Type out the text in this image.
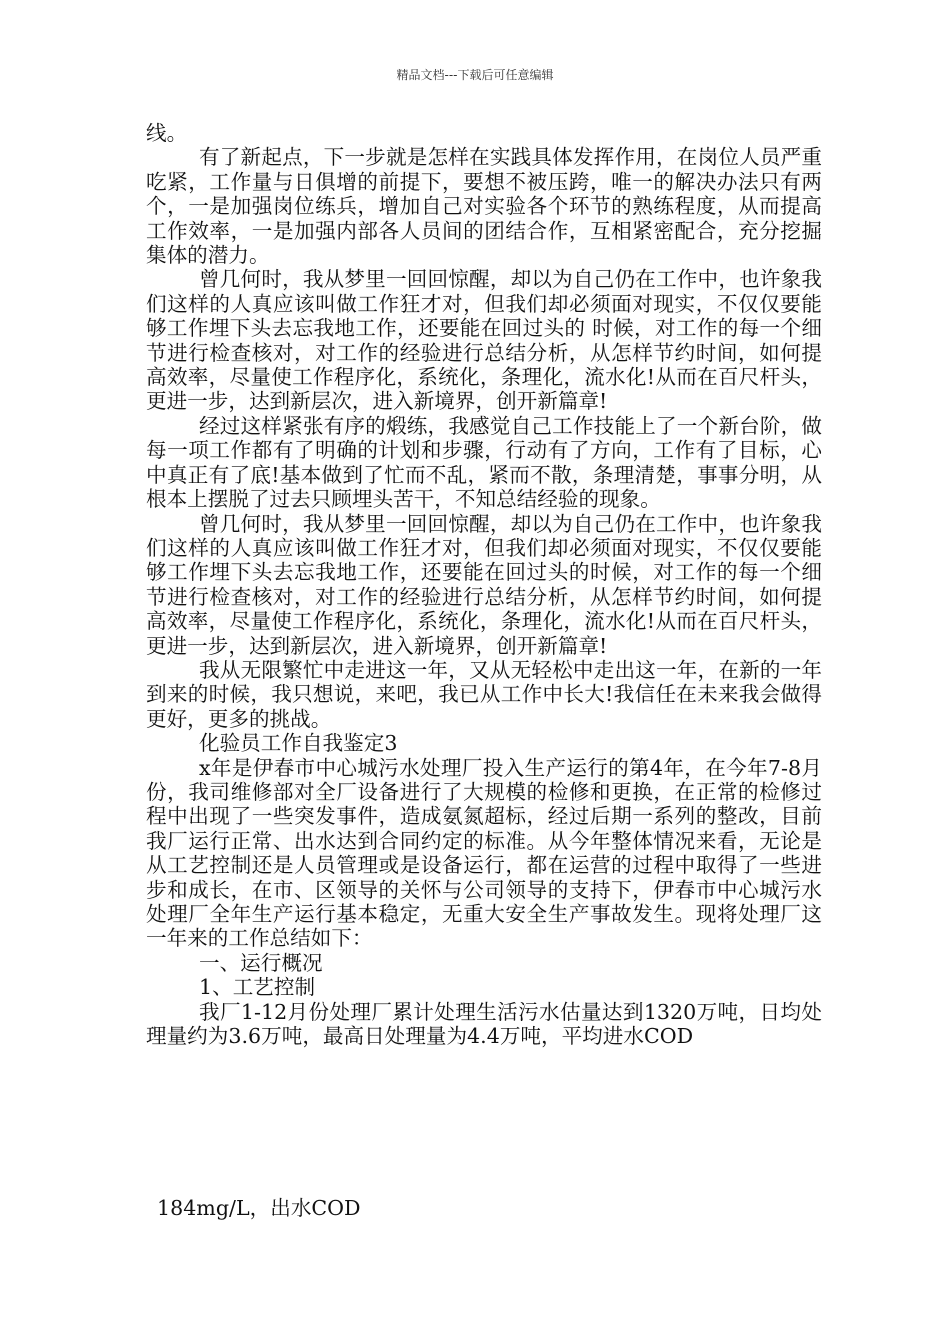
精品文档---下载后可任意编辑

线。

有了新起点，下一步就是怎样在实践具体发挥作用，在岗位人员严重吃紧，工作量与日俱增的前提下，要想不被压跨，唯一的解决办法只有两个，一是加强岗位练兵，增加自己对实验各个环节的熟练程度，从而提高工作效率，一是加强内部各人员间的团结合作，互相紧密配合，充分挖掘集体的潜力。

曾几何时，我从梦里一回回惊醒，却以为自己仍在工作中，也许象我们这样的人真应该叫做工作狂才对，但我们却必须面对现实，不仅仅要能够工作埋下头去忘我地工作，还要能在回过头的 时候，对工作的每一个细节进行检查核对，对工作的经验进行总结分析，从怎样节约时间，如何提高效率，尽量使工作程序化，系统化，条理化，流水化!从而在百尺杆头，更进一步，达到新层次，进入新境界，创开新篇章!

经过这样紧张有序的煅练，我感觉自己工作技能上了一个新台阶，做每一项工作都有了明确的计划和步骤，行动有了方向，工作有了目标，心中真正有了底!基本做到了忙而不乱，紧而不散，条理清楚，事事分明，从根本上摆脱了过去只顾埋头苦干，不知总结经验的现象。

曾几何时，我从梦里一回回惊醒，却以为自己仍在工作中，也许象我们这样的人真应该叫做工作狂才对，但我们却必须面对现实，不仅仅要能够工作埋下头去忘我地工作，还要能在回过头的时候，对工作的每一个细节进行检查核对，对工作的经验进行总结分析，从怎样节约时间，如何提高效率，尽量使工作程序化，系统化，条理化，流水化!从而在百尺杆头，更进一步，达到新层次，进入新境界，创开新篇章!

我从无限繁忙中走进这一年，又从无轻松中走出这一年，在新的一年到来的时候，我只想说，来吧，我已从工作中长大!我信任在未来我会做得更好，更多的挑战。

化验员工作自我鉴定3

x年是伊春市中心城污水处理厂投入生产运行的第4年，在今年7-8月份，我司维修部对全厂设备进行了大规模的检修和更换，在正常的检修过程中出现了一些突发事件，造成氨氮超标，经过后期一系列的整改，目前我厂运行正常、出水达到合同约定的标准。从今年整体情况来看，无论是从工艺控制还是人员管理或是设备运行，都在运营的过程中取得了一些进步和成长，在市、区领导的关怀与公司领导的支持下，伊春市中心城污水处理厂全年生产运行基本稳定，无重大安全生产事故发生。现将处理厂这一年来的工作总结如下：

一、运行概况

1、工艺控制

我厂1-12月份处理厂累计处理生活污水估量达到1320万吨，日均处理量约为3.6万吨，最高日处理量为4.4万吨，平均进水COD

184mg/L，出水COD
